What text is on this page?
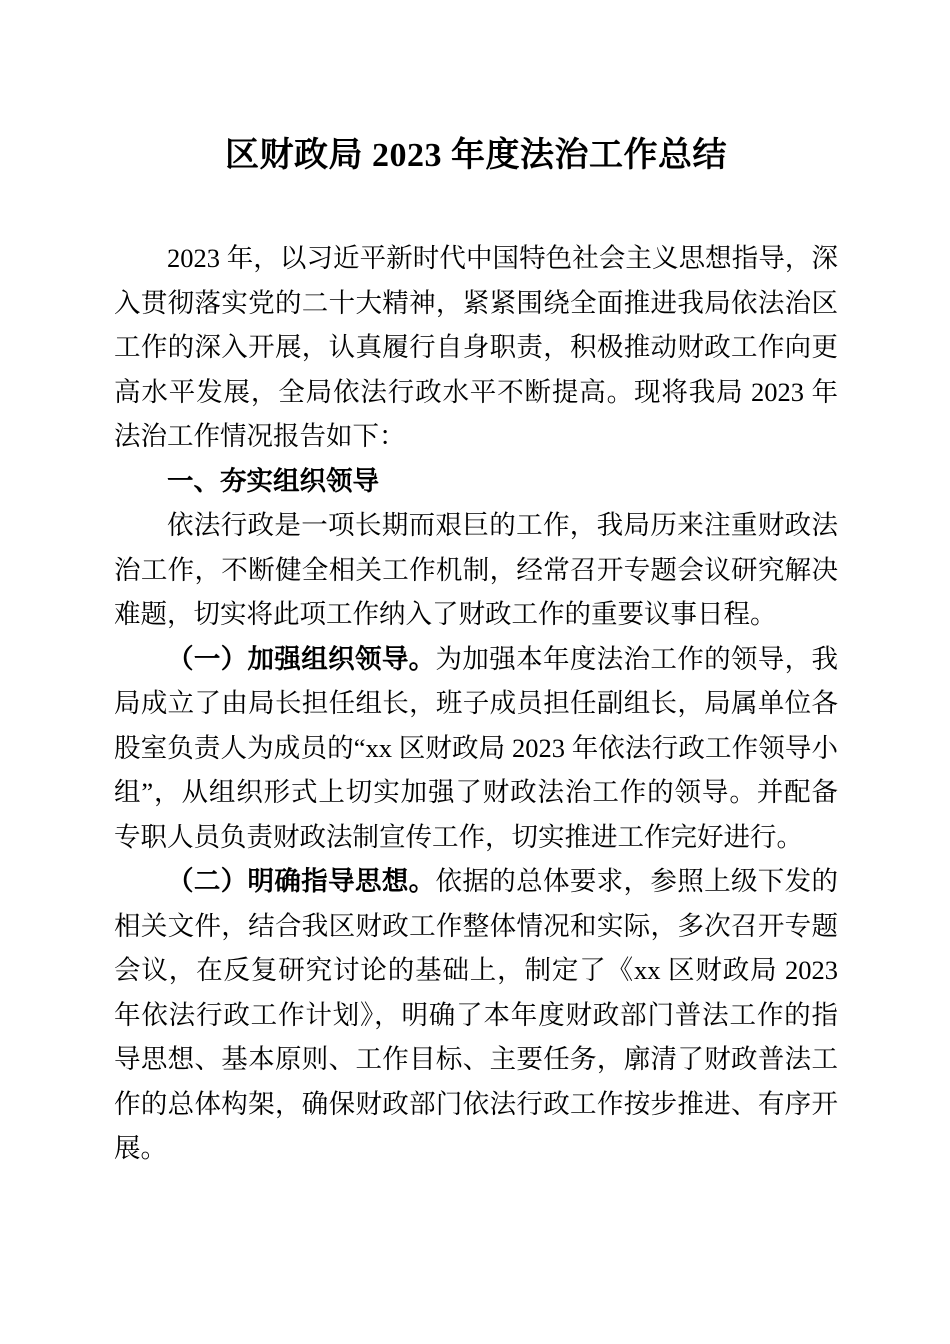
区财政局 2023 年度法治工作总结

2023 年，以习近平新时代中国特色社会主义思想指导，深入贯彻落实党的二十大精神，紧紧围绕全面推进我局依法治区工作的深入开展，认真履行自身职责，积极推动财政工作向更高水平发展，全局依法行政水平不断提高。现将我局 2023 年法治工作情况报告如下：

一、夯实组织领导

依法行政是一项长期而艰巨的工作，我局历来注重财政法治工作，不断健全相关工作机制，经常召开专题会议研究解决难题，切实将此项工作纳入了财政工作的重要议事日程。

（一）加强组织领导。为加强本年度法治工作的领导，我局成立了由局长担任组长，班子成员担任副组长，局属单位各股室负责人为成员的“xx 区财政局 2023 年依法行政工作领导小组”，从组织形式上切实加强了财政法治工作的领导。并配备专职人员负责财政法制宣传工作，切实推进工作完好进行。

（二）明确指导思想。依据的总体要求，参照上级下发的相关文件，结合我区财政工作整体情况和实际，多次召开专题会议，在反复研究讨论的基础上，制定了《xx 区财政局 2023 年依法行政工作计划》，明确了本年度财政部门普法工作的指导思想、基本原则、工作目标、主要任务，廓清了财政普法工作的总体构架，确保财政部门依法行政工作按步推进、有序开展。
